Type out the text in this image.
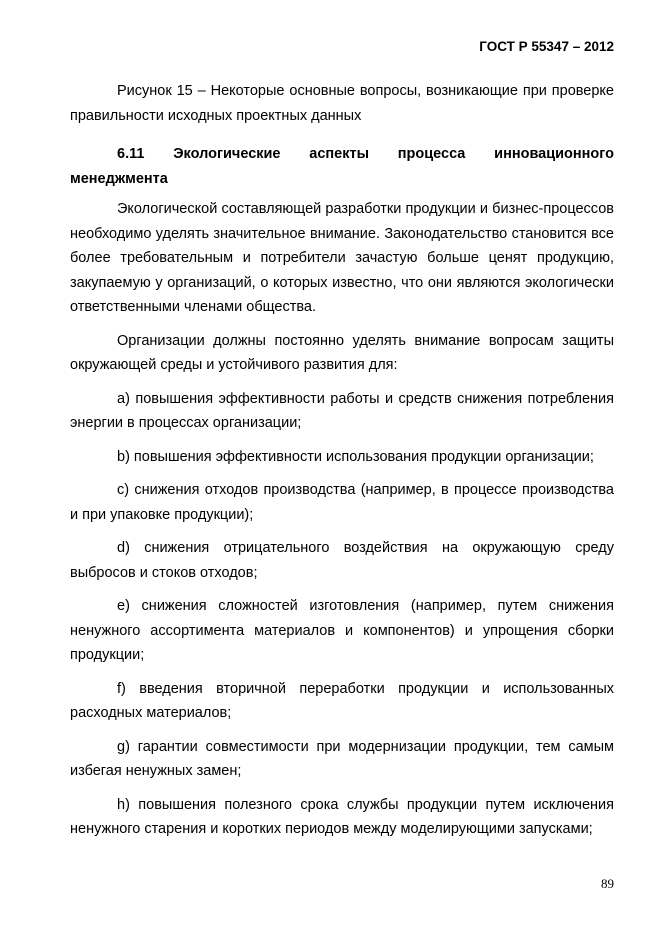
ГОСТ Р 55347 – 2012

Рисунок 15 – Некоторые основные вопросы, возникающие при проверке правильности исходных проектных данных

6.11 Экологические аспекты процесса инновационного менеджмента

Экологической составляющей разработки продукции и бизнес-процессов необходимо уделять значительное внимание. Законодательство становится все более требовательным и потребители зачастую больше ценят продукцию, закупаемую у организаций, о которых известно, что они являются экологически ответственными членами общества.

Организации должны постоянно уделять внимание вопросам защиты окружающей среды и устойчивого развития для:

a) повышения эффективности работы и средств снижения потребления энергии в процессах организации;

b) повышения эффективности использования продукции организации;

c) снижения отходов производства (например, в процессе производства и при упаковке продукции);

d) снижения отрицательного воздействия на окружающую среду выбросов и стоков отходов;

e) снижения сложностей изготовления (например, путем снижения ненужного ассортимента материалов и компонентов) и упрощения сборки продукции;

f) введения вторичной переработки продукции и использованных расходных материалов;

g) гарантии совместимости при модернизации продукции, тем самым избегая ненужных замен;

h) повышения полезного срока службы продукции путем исключения ненужного старения и коротких периодов между моделирующими запусками;

89
